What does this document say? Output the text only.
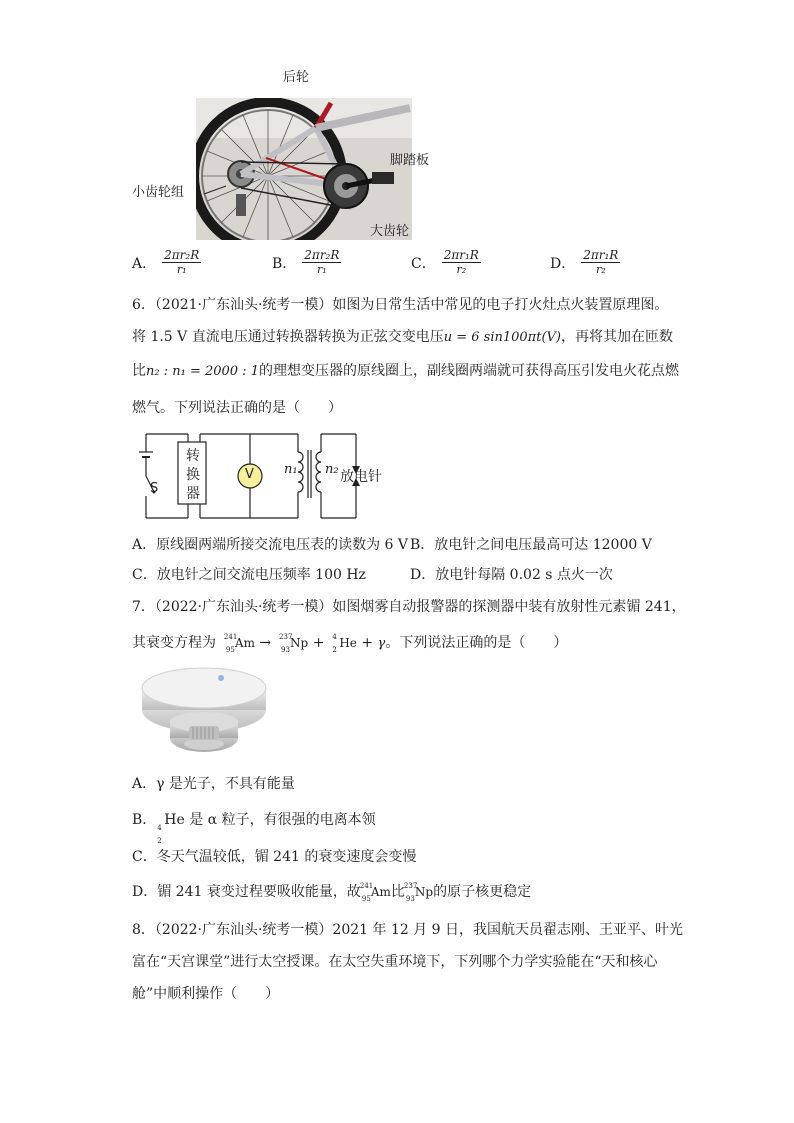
后轮
脚踏板
小齿轮组
大齿轮
A． $\frac{\text{2πr₂R}}{\text{r₁}}$	B． $\frac{\text{2πr₂R}}{\text{r₁}}$	C． $\frac{\text{2πr₁R}}{\text{r₂}}$	D． $\frac{\text{2πr₁R}}{\text{r₂}}$
6．（2021·广东汕头·统考一模）如图为日常生活中常见的电子打火灶点火装置原理图。
将 1.5 V 直流电压通过转换器转换为正弦交变电压u = 6 sin100πt(V)，再将其加在匝数
比n₂ : n₁ = 2000 : 1的理想变压器的原线圈上，副线圈两端就可获得高压引发电火花点燃
燃气。下列说法正确的是（　　）
转
换
器
S
V n₁ n₂ 放电针
A．原线圈两端所接交流电压表的读数为 6 V B．放电针之间电压最高可达 12000 V
C．放电针之间交流电压频率 100 Hz	D．放电针每隔 0.02 s 点火一次
7．（2022·广东汕头·统考一模）如图烟雾自动报警器的探测器中装有放射性元素镅 241，
其衰变方程为 241
95 Am → 237
93 Np + 4
2 He + γ。下列说法正确的是（　　）
A．γ 是光子，不具有能量
B． 4
2
He 是 α 粒子，有很强的电离本领
C．冬天气温较低，镅 241 的衰变速度会变慢
D．镅 241 衰变过程要吸收能量，故 241
95 Am比 237
93 Np的原子核更稳定
8．（2022·广东汕头·统考一模）2021 年 12 月 9 日，我国航天员翟志刚、王亚平、叶光
富在“天宫课堂”进行太空授课。在太空失重环境下，下列哪个力学实验能在“天和核心
舱”中顺利操作（　　）
